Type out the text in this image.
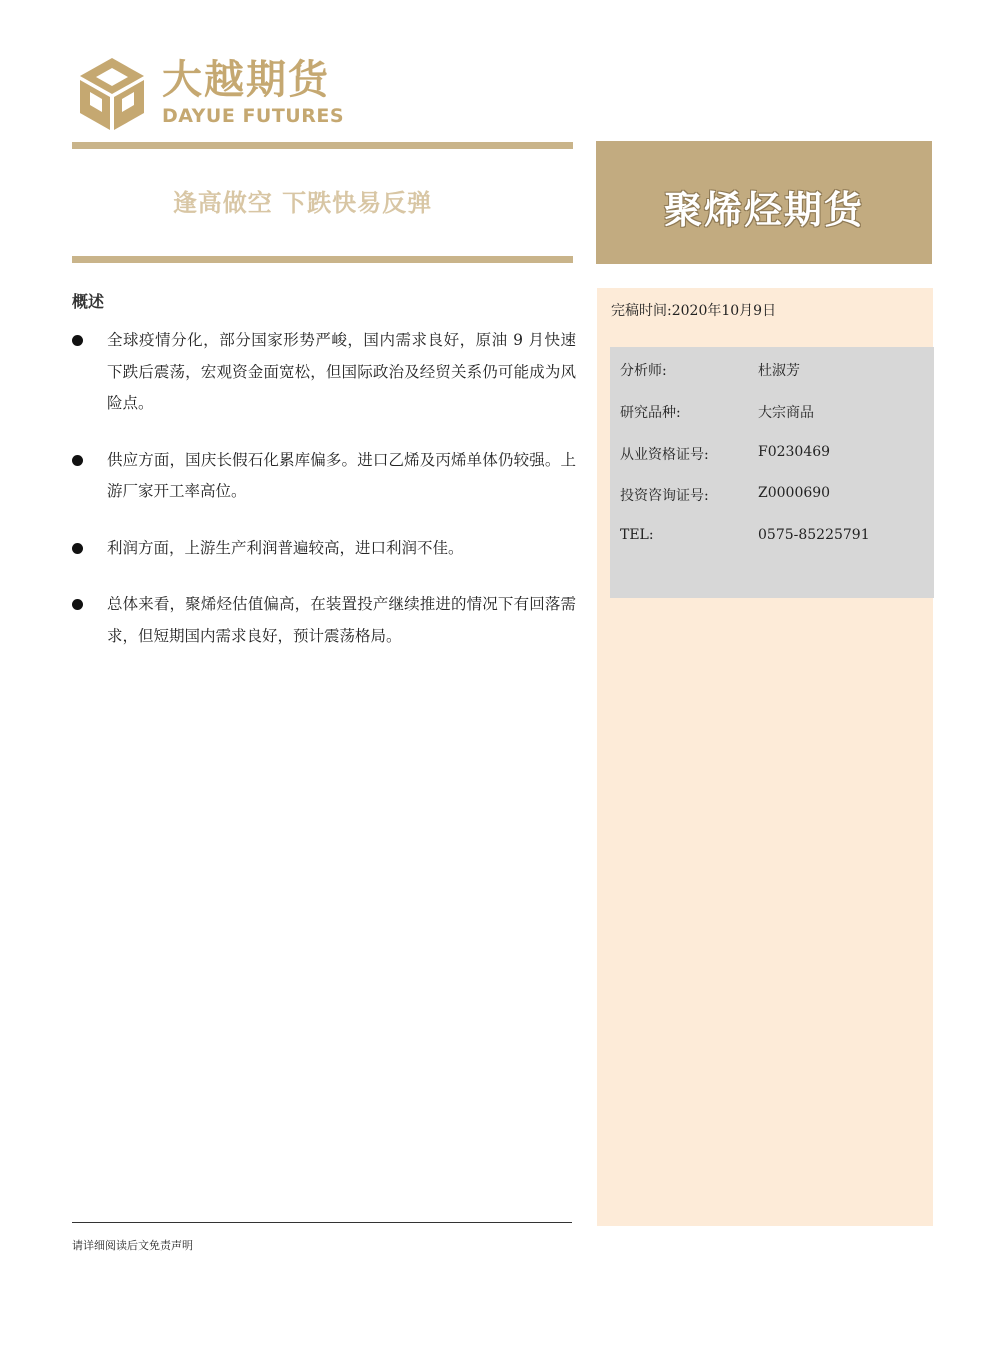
大越期货
DAYUE FUTURES
逢高做空 下跌快易反弹	聚烯烃期货
概述
全球疫情分化，部分国家形势严峻，国内需求良好，原油 9 月快速下跌后震荡，宏观资金面宽松，但国际政治及经贸关系仍可能成为风险点。
供应方面，国庆长假石化累库偏多。进口乙烯及丙烯单体仍较强。上游厂家开工率高位。
利润方面，上游生产利润普遍较高，进口利润不佳。
总体来看，聚烯烃估值偏高，在装置投产继续推进的情况下有回落需求，但短期国内需求良好，预计震荡格局。
完稿时间:2020年10月9日
分析师:	杜淑芳
研究品种:	大宗商品
从业资格证号:	F0230469
投资咨询证号:	Z0000690
TEL:	0575-85225791
请详细阅读后文免责声明
